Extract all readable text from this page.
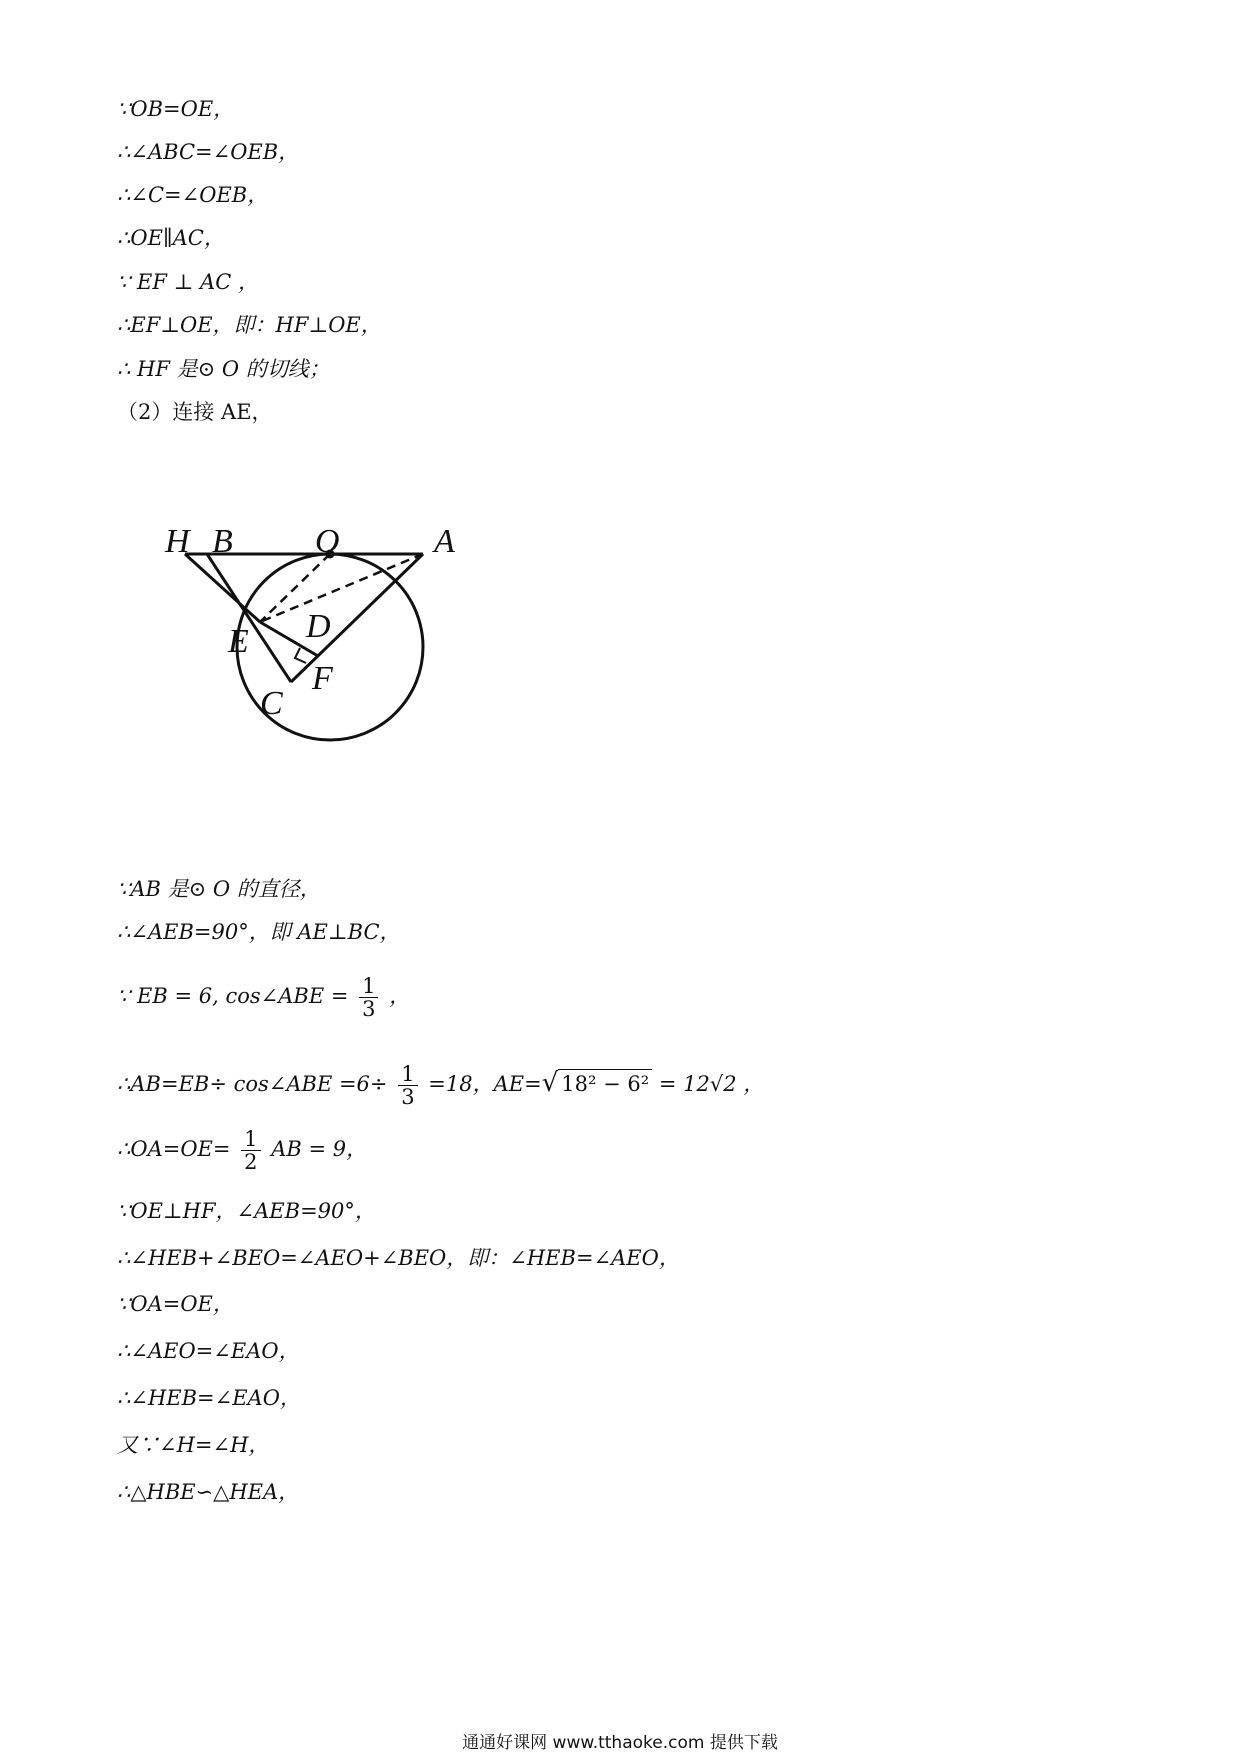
∵OB=OE，
∴∠ABC=∠OEB，
∴∠C=∠OEB，
∴OE∥AC，
∵ EF ⊥ AC ，
∴EF⊥OE，即：HF⊥OE，
∴ HF 是⊙ O 的切线；
（2）连接 AE，
H B O	A
E D
F
C
∵AB 是⊙ O 的直径，
∴∠AEB=90°，即 AE⊥BC，
∵ EB = 6, cos∠ABE = $\frac{1}{3}$ ，
∴AB=EB÷ cos∠ABE $=6\div \frac{1}{3} =18$，AE=√ 18² − 6² = 12√2 ，
∴OA=OE= $\frac{1}{2}$ AB = 9，
∵OE⊥HF，∠AEB=90°，
∴∠HEB+∠BEO=∠AEO+∠BEO，即：∠HEB=∠AEO，
∵OA=OE，
∴∠AEO=∠EAO，
∴∠HEB=∠EAO，
又∵∠H=∠H，
∴△HBE∽△HEA，
通通好课网 www.tthaoke.com 提供下载
